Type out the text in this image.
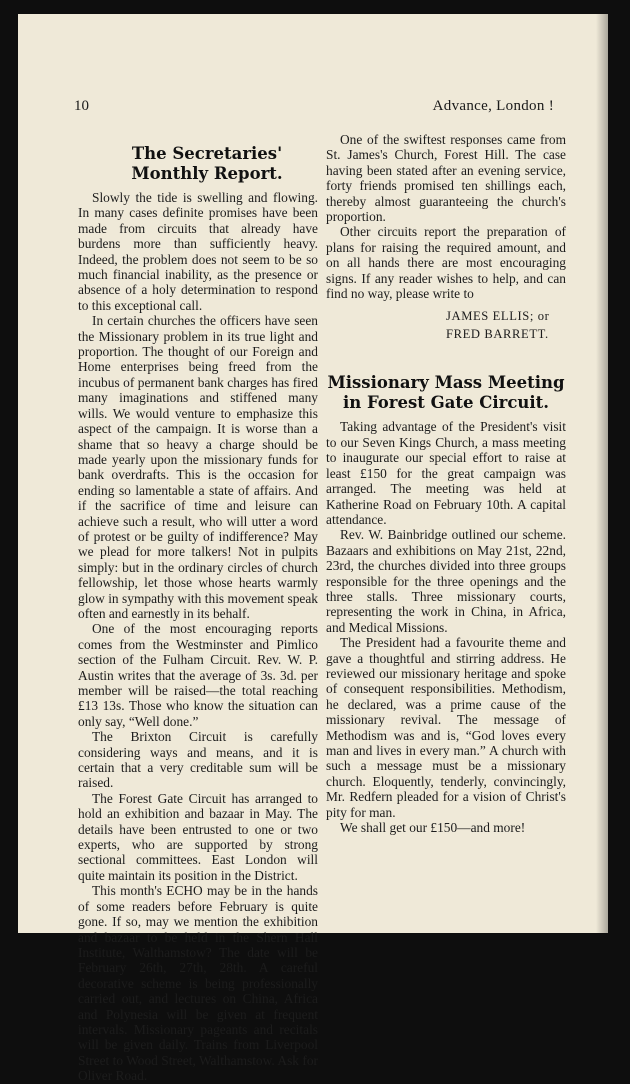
10	Advance, London !
The Secretaries' Monthly Report.

Slowly the tide is swelling and flowing. In many cases definite promises have been made from circuits that already have burdens more than sufficiently heavy. Indeed, the problem does not seem to be so much financial inability, as the presence or absence of a holy determination to respond to this exceptional call.

In certain churches the officers have seen the Missionary problem in its true light and proportion. The thought of our Foreign and Home enterprises being freed from the incubus of permanent bank charges has fired many imaginations and stiffened many wills. We would venture to emphasize this aspect of the campaign. It is worse than a shame that so heavy a charge should be made yearly upon the missionary funds for bank overdrafts. This is the occasion for ending so lamentable a state of affairs. And if the sacrifice of time and leisure can achieve such a result, who will utter a word of protest or be guilty of indifference? May we plead for more talkers! Not in pulpits simply: but in the ordinary circles of church fellowship, let those whose hearts warmly glow in sympathy with this movement speak often and earnestly in its behalf.

One of the most encouraging reports comes from the Westminster and Pimlico section of the Fulham Circuit. Rev. W. P. Austin writes that the average of 3s. 3d. per member will be raised—the total reaching £13 13s. Those who know the situation can only say, “Well done.”

The Brixton Circuit is carefully considering ways and means, and it is certain that a very creditable sum will be raised.

The Forest Gate Circuit has arranged to hold an exhibition and bazaar in May. The details have been entrusted to one or two experts, who are supported by strong sectional committees. East London will quite maintain its position in the District.

This month's ECHO may be in the hands of some readers before February is quite gone. If so, may we mention the exhibition and bazaar to be held in the Shern Hall Institute, Walthamstow? The date will be February 26th, 27th, 28th. A careful decorative scheme is being professionally carried out, and lectures on China, Africa and Polynesia will be given at frequent intervals. Missionary pageants and recitals will be given daily. Trains from Liverpool Street to Wood Street, Walthamstow. Ask for Oliver Road.

One of the swiftest responses came from St. James's Church, Forest Hill. The case having been stated after an evening service, forty friends promised ten shillings each, thereby almost guaranteeing the church's proportion.

Other circuits report the preparation of plans for raising the required amount, and on all hands there are most encouraging signs. If any reader wishes to help, and can find no way, please write to

JAMES ELLIS; or
FRED BARRETT.
Missionary Mass Meeting in Forest Gate Circuit.

Taking advantage of the President's visit to our Seven Kings Church, a mass meeting to inaugurate our special effort to raise at least £150 for the great campaign was arranged. The meeting was held at Katherine Road on February 10th. A capital attendance.

Rev. W. Bainbridge outlined our scheme. Bazaars and exhibitions on May 21st, 22nd, 23rd, the churches divided into three groups responsible for the three openings and the three stalls. Three missionary courts, representing the work in China, in Africa, and Medical Missions.

The President had a favourite theme and gave a thoughtful and stirring address. He reviewed our missionary heritage and spoke of consequent responsibilities. Methodism, he declared, was a prime cause of the missionary revival. The message of Methodism was and is, “God loves every man and lives in every man.” A church with such a message must be a missionary church. Eloquently, tenderly, convincingly, Mr. Redfern pleaded for a vision of Christ's pity for man.

We shall get our £150—and more!
